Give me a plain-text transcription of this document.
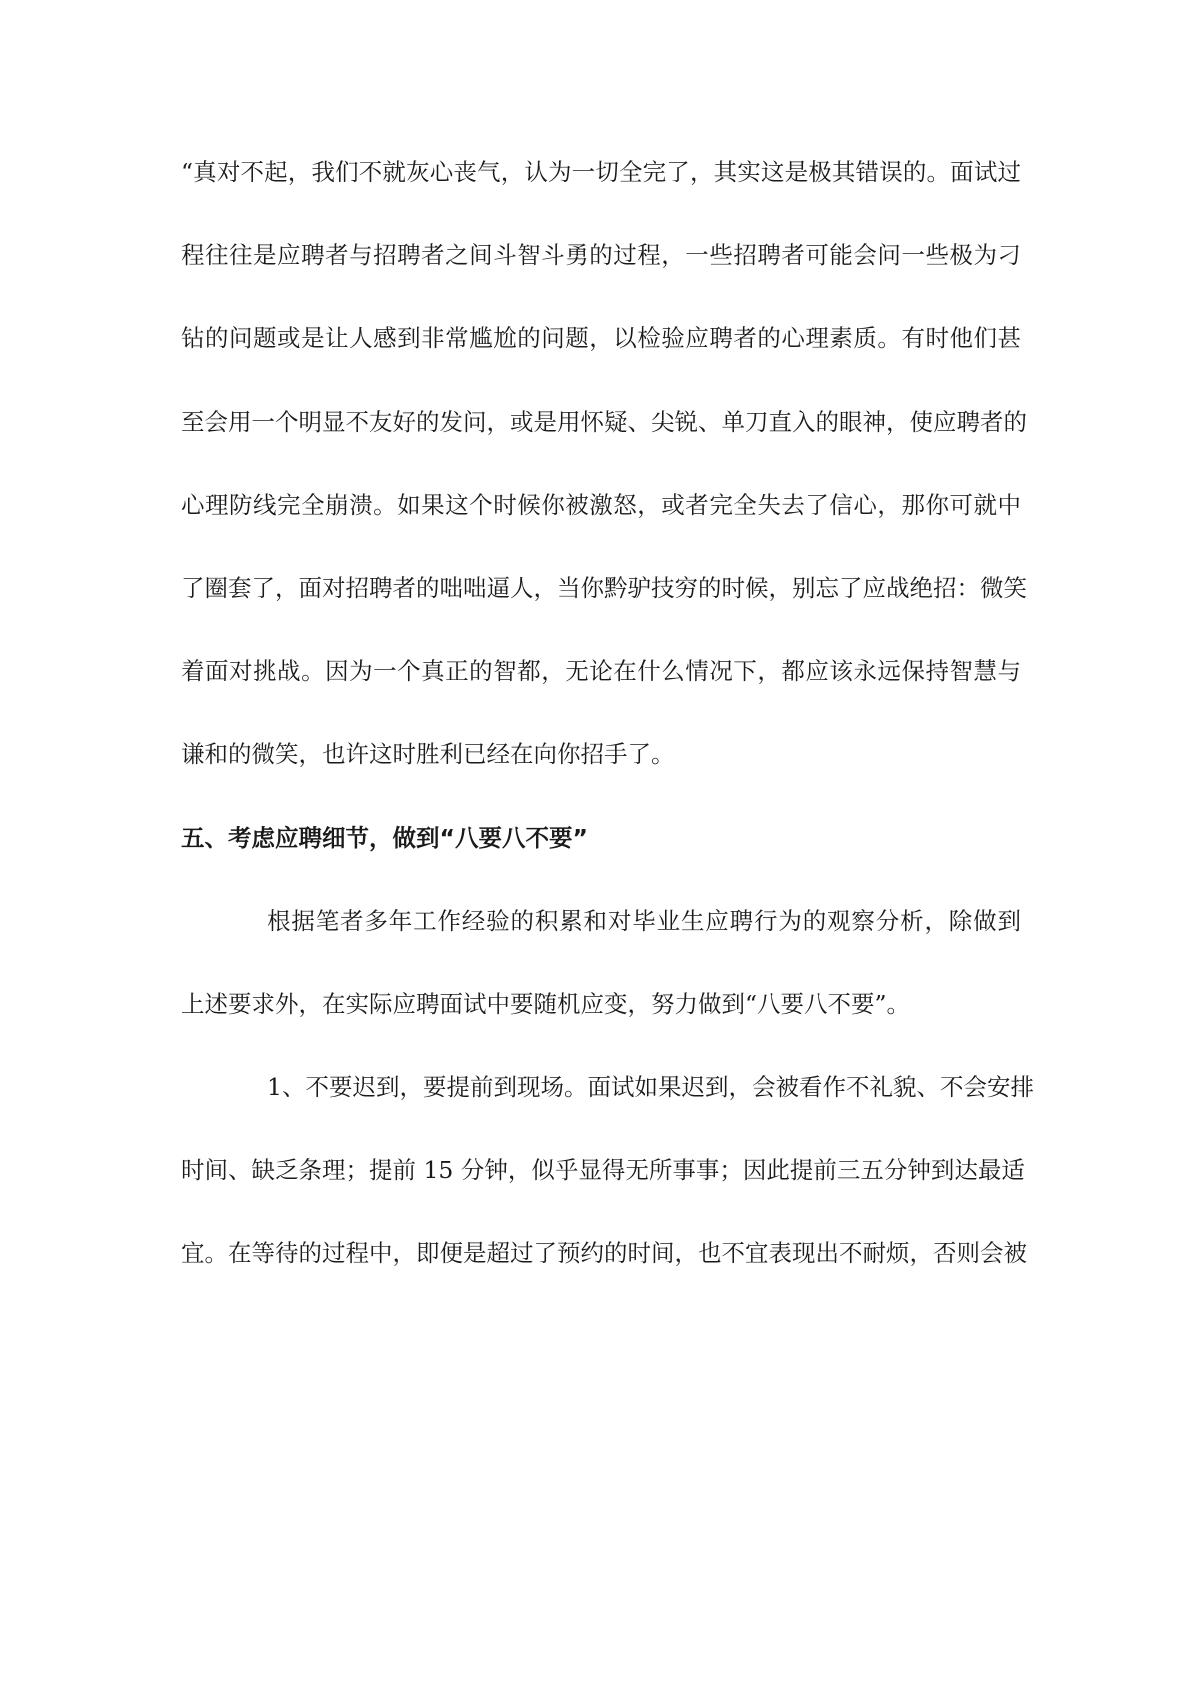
“真对不起，我们不就灰心丧气，认为一切全完了，其实这是极其错误的。面试过
程往往是应聘者与招聘者之间斗智斗勇的过程，一些招聘者可能会问一些极为刁
钻的问题或是让人感到非常尴尬的问题，以检验应聘者的心理素质。有时他们甚
至会用一个明显不友好的发问，或是用怀疑、尖锐、单刀直入的眼神，使应聘者的
心理防线完全崩溃。如果这个时候你被激怒，或者完全失去了信心，那你可就中
了圈套了，面对招聘者的咄咄逼人，当你黔驴技穷的时候，别忘了应战绝招：微笑
着面对挑战。因为一个真正的智都，无论在什么情况下，都应该永远保持智慧与
谦和的微笑，也许这时胜利已经在向你招手了。
五、考虑应聘细节，做到“八要八不要”
根据笔者多年工作经验的积累和对毕业生应聘行为的观察分析，除做到
上述要求外，在实际应聘面试中要随机应变，努力做到“八要八不要”。
1、不要迟到，要提前到现场。面试如果迟到，会被看作不礼貌、不会安排
时间、缺乏条理；提前 15 分钟，似乎显得无所事事；因此提前三五分钟到达最适
宜。在等待的过程中，即便是超过了预约的时间，也不宜表现出不耐烦，否则会被
